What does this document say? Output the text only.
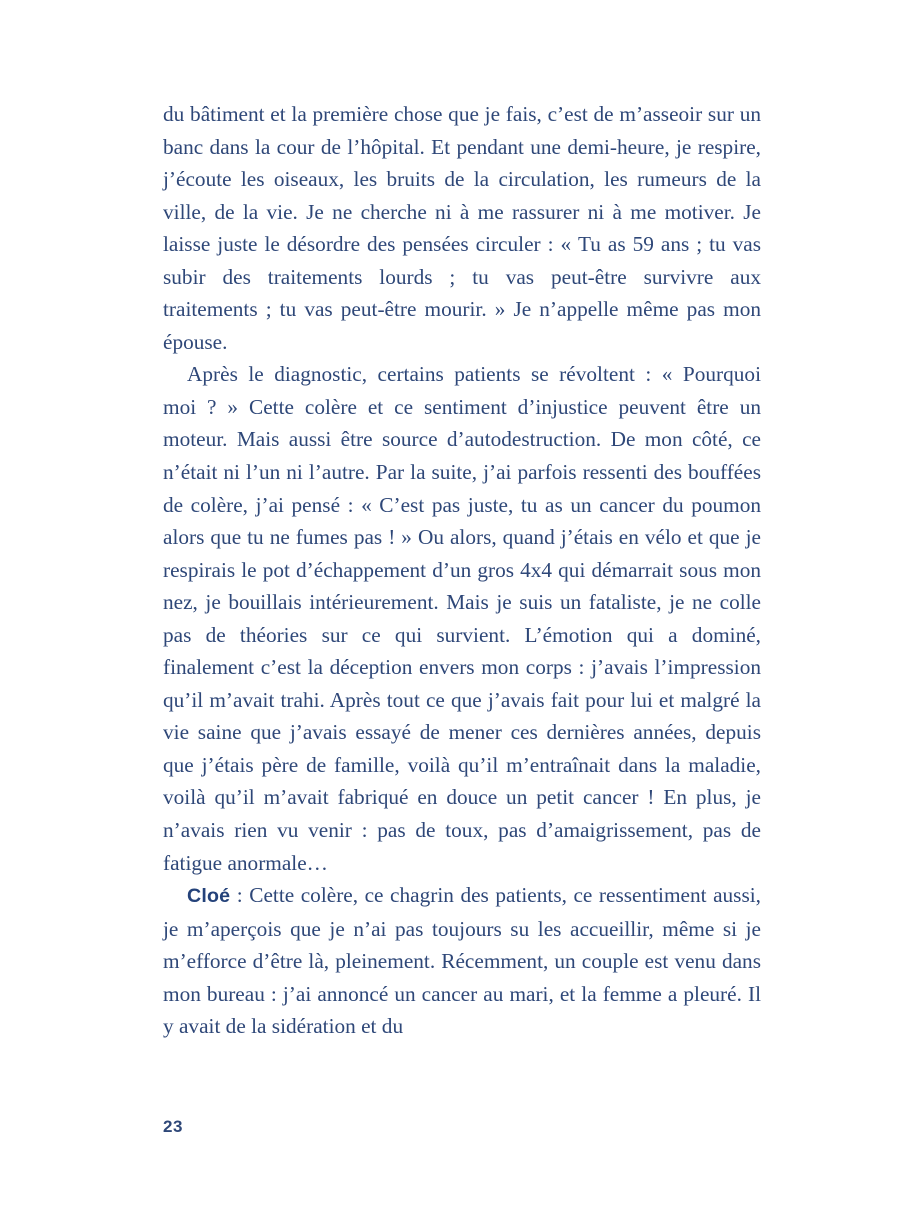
du bâtiment et la première chose que je fais, c’est de m’asseoir sur un banc dans la cour de l’hôpital. Et pendant une demi-heure, je respire, j’écoute les oiseaux, les bruits de la circulation, les rumeurs de la ville, de la vie. Je ne cherche ni à me rassurer ni à me motiver. Je laisse juste le désordre des pensées circuler : « Tu as 59 ans ; tu vas subir des traitements lourds ; tu vas peut-être survivre aux traitements ; tu vas peut-être mourir. » Je n’appelle même pas mon épouse.

Après le diagnostic, certains patients se révoltent : « Pourquoi moi ? » Cette colère et ce sentiment d’injustice peuvent être un moteur. Mais aussi être source d’autodestruction. De mon côté, ce n’était ni l’un ni l’autre. Par la suite, j’ai parfois ressenti des bouffées de colère, j’ai pensé : « C’est pas juste, tu as un cancer du poumon alors que tu ne fumes pas ! » Ou alors, quand j’étais en vélo et que je respirais le pot d’échappement d’un gros 4x4 qui démarrait sous mon nez, je bouillais intérieurement. Mais je suis un fataliste, je ne colle pas de théories sur ce qui survient. L’émotion qui a dominé, finalement c’est la déception envers mon corps : j’avais l’impression qu’il m’avait trahi. Après tout ce que j’avais fait pour lui et malgré la vie saine que j’avais essayé de mener ces dernières années, depuis que j’étais père de famille, voilà qu’il m’entraînait dans la maladie, voilà qu’il m’avait fabriqué en douce un petit cancer ! En plus, je n’avais rien vu venir : pas de toux, pas d’amaigrissement, pas de fatigue anormale…

Cloé : Cette colère, ce chagrin des patients, ce ressentiment aussi, je m’aperçois que je n’ai pas toujours su les accueillir, même si je m’efforce d’être là, pleinement. Récemment, un couple est venu dans mon bureau : j’ai annoncé un cancer au mari, et la femme a pleuré. Il y avait de la sidération et du

23
